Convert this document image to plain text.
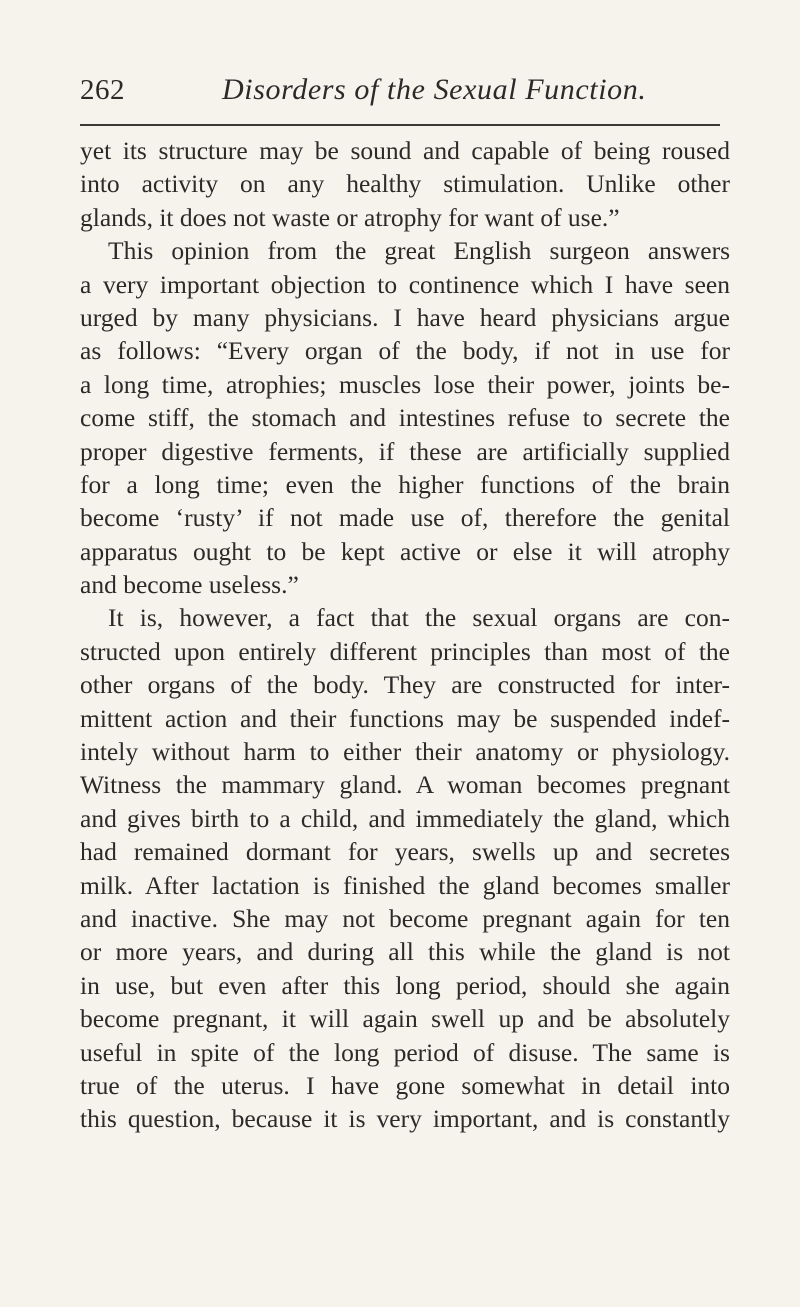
262	Disorders of the Sexual Function.
yet its structure may be sound and capable of being roused
into activity on any healthy stimulation. Unlike other
glands, it does not waste or atrophy for want of use.”
This opinion from the great English surgeon answers
a very important objection to continence which I have seen
urged by many physicians. I have heard physicians argue
as follows: “Every organ of the body, if not in use for
a long time, atrophies; muscles lose their power, joints be-
come stiff, the stomach and intestines refuse to secrete the
proper digestive ferments, if these are artificially supplied
for a long time; even the higher functions of the brain
become ‘rusty’ if not made use of, therefore the genital
apparatus ought to be kept active or else it will atrophy
and become useless.”
It is, however, a fact that the sexual organs are con-
structed upon entirely different principles than most of the
other organs of the body. They are constructed for inter-
mittent action and their functions may be suspended indef-
intely without harm to either their anatomy or physiology.
Witness the mammary gland. A woman becomes pregnant
and gives birth to a child, and immediately the gland, which
had remained dormant for years, swells up and secretes
milk. After lactation is finished the gland becomes smaller
and inactive. She may not become pregnant again for ten
or more years, and during all this while the gland is not
in use, but even after this long period, should she again
become pregnant, it will again swell up and be absolutely
useful in spite of the long period of disuse. The same is
true of the uterus. I have gone somewhat in detail into
this question, because it is very important, and is constantly
